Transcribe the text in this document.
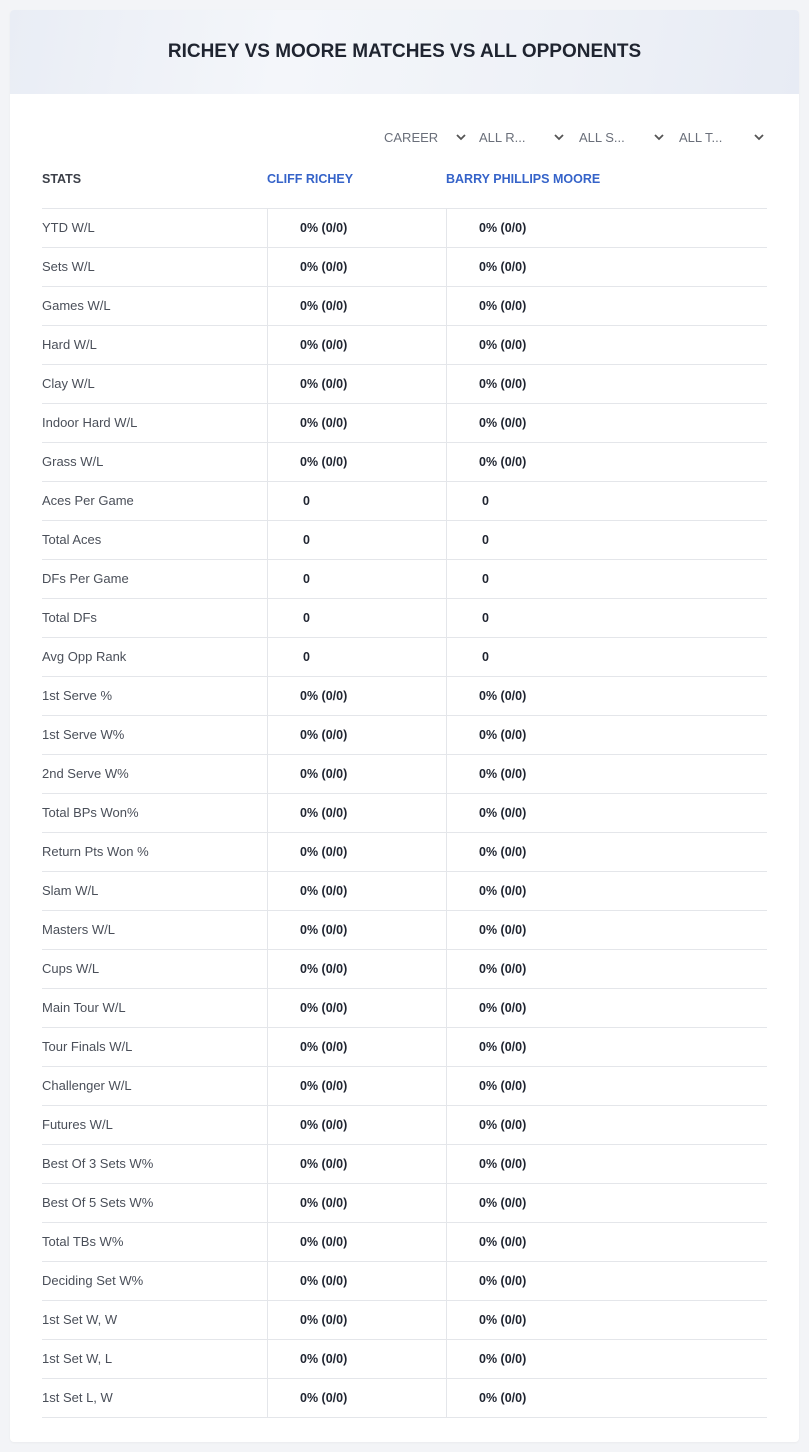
RICHEY VS MOORE MATCHES VS ALL OPPONENTS
CAREER	ALL R...	ALL S...	ALL T...
STATS	CLIFF RICHEY	BARRY PHILLIPS MOORE
YTD W/L	0% (0/0)	0% (0/0)
Sets W/L	0% (0/0)	0% (0/0)
Games W/L	0% (0/0)	0% (0/0)
Hard W/L	0% (0/0)	0% (0/0)
Clay W/L	0% (0/0)	0% (0/0)
Indoor Hard W/L	0% (0/0)	0% (0/0)
Grass W/L	0% (0/0)	0% (0/0)
Aces Per Game	0	0
Total Aces	0	0
DFs Per Game	0	0
Total DFs	0	0
Avg Opp Rank	0	0
1st Serve %	0% (0/0)	0% (0/0)
1st Serve W%	0% (0/0)	0% (0/0)
2nd Serve W%	0% (0/0)	0% (0/0)
Total BPs Won%	0% (0/0)	0% (0/0)
Return Pts Won %	0% (0/0)	0% (0/0)
Slam W/L	0% (0/0)	0% (0/0)
Masters W/L	0% (0/0)	0% (0/0)
Cups W/L	0% (0/0)	0% (0/0)
Main Tour W/L	0% (0/0)	0% (0/0)
Tour Finals W/L	0% (0/0)	0% (0/0)
Challenger W/L	0% (0/0)	0% (0/0)
Futures W/L	0% (0/0)	0% (0/0)
Best Of 3 Sets W%	0% (0/0)	0% (0/0)
Best Of 5 Sets W%	0% (0/0)	0% (0/0)
Total TBs W%	0% (0/0)	0% (0/0)
Deciding Set W%	0% (0/0)	0% (0/0)
1st Set W, W	0% (0/0)	0% (0/0)
1st Set W, L	0% (0/0)	0% (0/0)
1st Set L, W	0% (0/0)	0% (0/0)
